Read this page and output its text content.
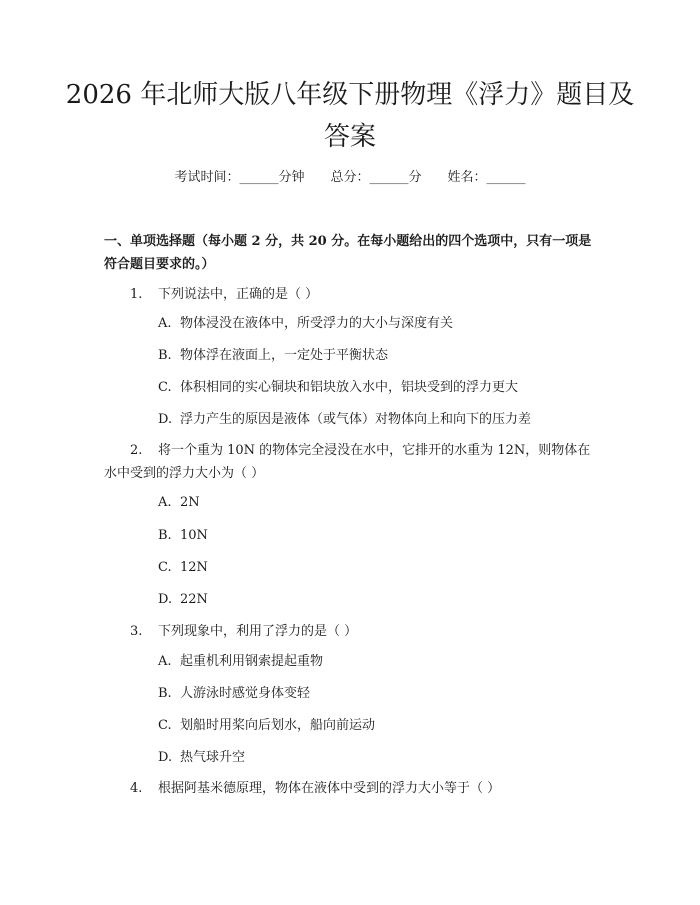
2026 年北师大版八年级下册物理《浮力》题目及答案
考试时间：______分钟 总分：______分 姓名：______

一、单项选择题（每小题 2 分，共 20 分。在每小题给出的四个选项中，只有一项是符合题目要求的。）

1. 下列说法中，正确的是（ ）

A. 物体浸没在液体中，所受浮力的大小与深度有关

B. 物体浮在液面上，一定处于平衡状态

C. 体积相同的实心铜块和铝块放入水中，铝块受到的浮力更大

D. 浮力产生的原因是液体（或气体）对物体向上和向下的压力差

2. 将一个重为 10N 的物体完全浸没在水中，它排开的水重为 12N，则物体在水中受到的浮力大小为（ ）

A. 2N

B. 10N

C. 12N

D. 22N

3. 下列现象中，利用了浮力的是（ ）

A. 起重机利用钢索提起重物

B. 人游泳时感觉身体变轻

C. 划船时用桨向后划水，船向前运动

D. 热气球升空

4. 根据阿基米德原理，物体在液体中受到的浮力大小等于（ ）
